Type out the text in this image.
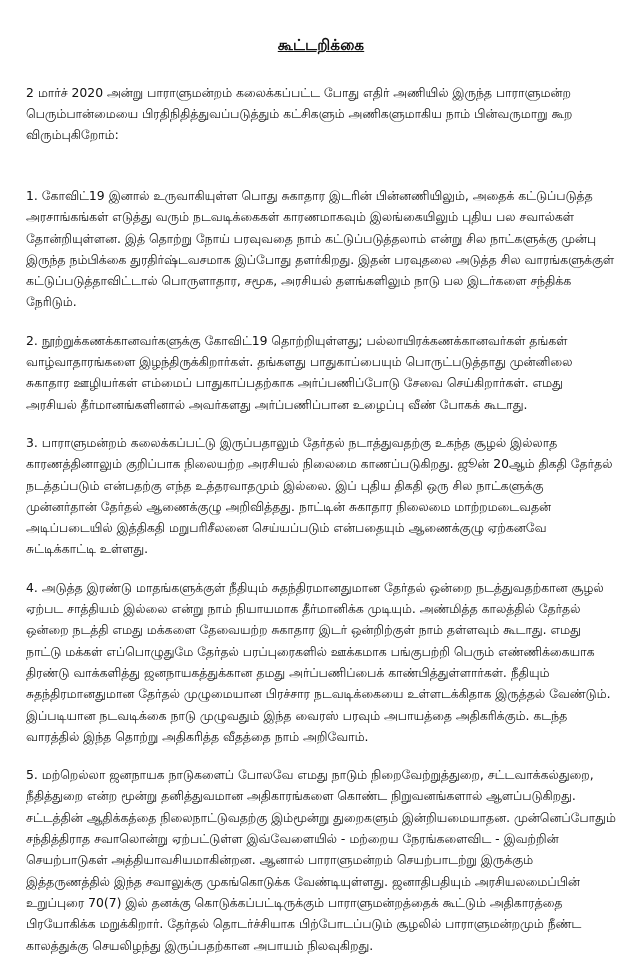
கூட்டறிக்கை

2 மார்ச் 2020 அன்று பாராளுமன்றம் கலைக்கப்பட்ட போது எதிர் அணியில் இருந்த பாராளுமன்ற பெரும்பான்மையை பிரதிநிதித்துவப்படுத்தும் கட்சிகளும் அணிகளுமாகிய நாம் பின்வருமாறு கூற விரும்புகிறோம்:

1. கோவிட்19 இனால் உருவாகியுள்ள பொது சுகாதார இடரின் பின்னணியிலும், அதைக் கட்டுப்படுத்த அரசாங்கங்கள் எடுத்து வரும் நடவடிக்கைகள் காரணமாகவும் இலங்கையிலும் புதிய பல சவால்கள் தோன்றியுள்ளன. இத் தொற்று நோய் பரவுவதை நாம் கட்டுப்படுத்தலாம் என்று சில நாட்களுக்கு முன்பு இருந்த நம்பிக்கை துரதிர்ஷ்டவசமாக இப்போது தளர்கிறது. இதன் பரவுதலை அடுத்த சில வாரங்களுக்குள் கட்டுப்படுத்தாவிட்டால் பொருளாதார, சமூக, அரசியல் தளங்களிலும் நாடு பல இடர்களை சந்திக்க நேரிடும்.

2. நூற்றுக்கணக்கானவர்களுக்கு கோவிட்19 தொற்றியுள்ளது; பல்லாயிரக்கணக்கானவர்கள் தங்கள் வாழ்வாதாரங்களை இழந்திருக்கிறார்கள். தங்களது பாதுகாப்பையும் பொருட்படுத்தாது முன்னிலை சுகாதார ஊழியர்கள் எம்மைப் பாதுகாப்பதற்காக அர்ப்பணிப்போடு சேவை செய்கிறார்கள். எமது அரசியல் தீர்மானங்களினால் அவர்களது அர்ப்பணிப்பான உழைப்பு வீண் போகக் கூடாது.

3. பாராளுமன்றம் கலைக்கப்பட்டு இருப்பதாலும் தேர்தல் நடாத்துவதற்கு உகந்த சூழல் இல்லாத காரணத்தினாலும் குறிப்பாக நிலையற்ற அரசியல் நிலைமை காணப்படுகிறது. ஜூன் 20ஆம் திகதி தேர்தல் நடத்தப்படும் என்பதற்கு எந்த உத்தரவாதமும் இல்லை. இப் புதிய திகதி ஒரு சில நாட்களுக்கு முன்னர்தான் தேர்தல் ஆணைக்குழு அறிவித்தது. நாட்டின் சுகாதார நிலைமை மாற்றமடைவதன் அடிப்படையில் இத்திகதி மறுபரிசீலனை செய்யப்படும் என்பதையும் ஆணைக்குழு ஏற்கனவே சுட்டிக்காட்டி உள்ளது.

4. அடுத்த இரண்டு மாதங்களுக்குள் நீதியும் சுதந்திரமானதுமான தேர்தல் ஒன்றை நடத்துவதற்கான சூழல் ஏற்பட சாத்தியம் இல்லை என்று நாம் நியாயமாக தீர்மானிக்க முடியும். அண்மித்த காலத்தில் தேர்தல் ஒன்றை நடத்தி எமது மக்களை தேவையற்ற சுகாதார இடர் ஒன்றிற்குள் நாம் தள்ளவும் கூடாது. எமது நாட்டு மக்கள் எப்பொழுதுமே தேர்தல் பரப்புரைகளில் ஊக்கமாக பங்குபற்றி பெரும் எண்ணிக்கையாக திரண்டு வாக்களித்து ஜனநாயகத்துக்கான தமது அர்ப்பணிப்பைக் காண்பித்துள்ளார்கள். நீதியும் சுதந்திரமானதுமான தேர்தல் முழுமையான பிரச்சார நடவடிக்கையை உள்ளடக்கிதாக இருத்தல் வேண்டும். இப்படியான நடவடிக்கை நாடு முழுவதும் இந்த வைரஸ் பரவும் அபாயத்தை அதிகரிக்கும். கடந்த வாரத்தில் இந்த தொற்று அதிகரித்த வீதத்தை நாம் அறிவோம்.

5. மற்றெல்லா ஜனநாயக நாடுகளைப் போலவே எமது நாடும் நிறைவேற்றுத்துறை, சட்டவாக்கல்துறை, நீதித்துறை என்ற மூன்று தனித்துவமான அதிகாரங்களை கொண்ட நிறுவனங்களால் ஆளப்படுகிறது. சட்டத்தின் ஆதிக்கத்தை நிலைநாட்டுவதற்கு இம்மூன்று துறைகளும் இன்றியமையாதன. முன்னெப்போதும் சந்தித்திராத சவாலொன்று ஏற்பட்டுள்ள இவ்வேளையில் - மற்றைய நேரங்களைவிட - இவற்றின் செயற்பாடுகள் அத்தியாவசியமாகின்றன. ஆனால் பாராளுமன்றம் செயற்பாடற்று இருக்கும் இத்தருணத்தில் இந்த சவாலுக்கு முகங்கொடுக்க வேண்டியுள்ளது. ஜனாதிபதியும் அரசியலமைப்பின் உறுப்புரை 70(7) இல் தனக்கு கொடுக்கப்பட்டிருக்கும் பாராளுமன்றத்தைக் கூட்டும் அதிகாரத்தை பிரயோகிக்க மறுக்கிறார். தேர்தல் தொடர்ச்சியாக பிற்போடப்படும் சூழலில் பாராளுமன்றமும் நீண்ட காலத்துக்கு செயலிழந்து இருப்பதற்கான அபாயம் நிலவுகிறது.
